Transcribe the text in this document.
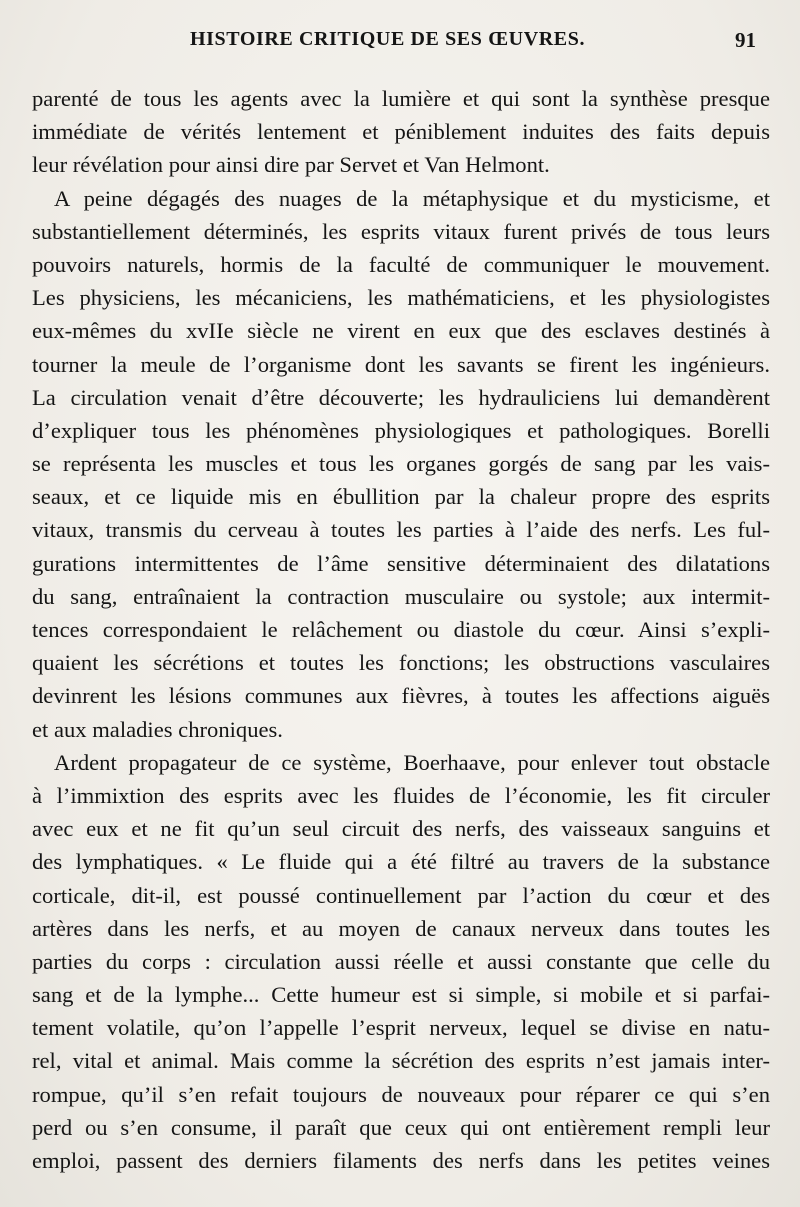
HISTOIRE CRITIQUE DE SES ŒUVRES.	91
parenté de tous les agents avec la lumière et qui sont la synthèse presque
immédiate de vérités lentement et péniblement induites des faits depuis
leur révélation pour ainsi dire par Servet et Van Helmont.
A peine dégagés des nuages de la métaphysique et du mysticisme, et
substantiellement déterminés, les esprits vitaux furent privés de tous leurs
pouvoirs naturels, hormis de la faculté de communiquer le mouvement.
Les physiciens, les mécaniciens, les mathématiciens, et les physiologistes
eux-mêmes du xvIIe siècle ne virent en eux que des esclaves destinés à
tourner la meule de l’organisme dont les savants se firent les ingénieurs.
La circulation venait d’être découverte; les hydrauliciens lui demandèrent
d’expliquer tous les phénomènes physiologiques et pathologiques. Borelli
se représenta les muscles et tous les organes gorgés de sang par les vais-
seaux, et ce liquide mis en ébullition par la chaleur propre des esprits
vitaux, transmis du cerveau à toutes les parties à l’aide des nerfs. Les ful-
gurations intermittentes de l’âme sensitive déterminaient des dilatations
du sang, entraînaient la contraction musculaire ou systole; aux intermit-
tences correspondaient le relâchement ou diastole du cœur. Ainsi s’expli-
quaient les sécrétions et toutes les fonctions; les obstructions vasculaires
devinrent les lésions communes aux fièvres, à toutes les affections aiguës
et aux maladies chroniques.
Ardent propagateur de ce système, Boerhaave, pour enlever tout obstacle
à l’immixtion des esprits avec les fluides de l’économie, les fit circuler
avec eux et ne fit qu’un seul circuit des nerfs, des vaisseaux sanguins et
des lymphatiques. « Le fluide qui a été filtré au travers de la substance
corticale, dit-il, est poussé continuellement par l’action du cœur et des
artères dans les nerfs, et au moyen de canaux nerveux dans toutes les
parties du corps : circulation aussi réelle et aussi constante que celle du
sang et de la lymphe... Cette humeur est si simple, si mobile et si parfai-
tement volatile, qu’on l’appelle l’esprit nerveux, lequel se divise en natu-
rel, vital et animal. Mais comme la sécrétion des esprits n’est jamais inter-
rompue, qu’il s’en refait toujours de nouveaux pour réparer ce qui s’en
perd ou s’en consume, il paraît que ceux qui ont entièrement rempli leur
emploi, passent des derniers filaments des nerfs dans les petites veines
